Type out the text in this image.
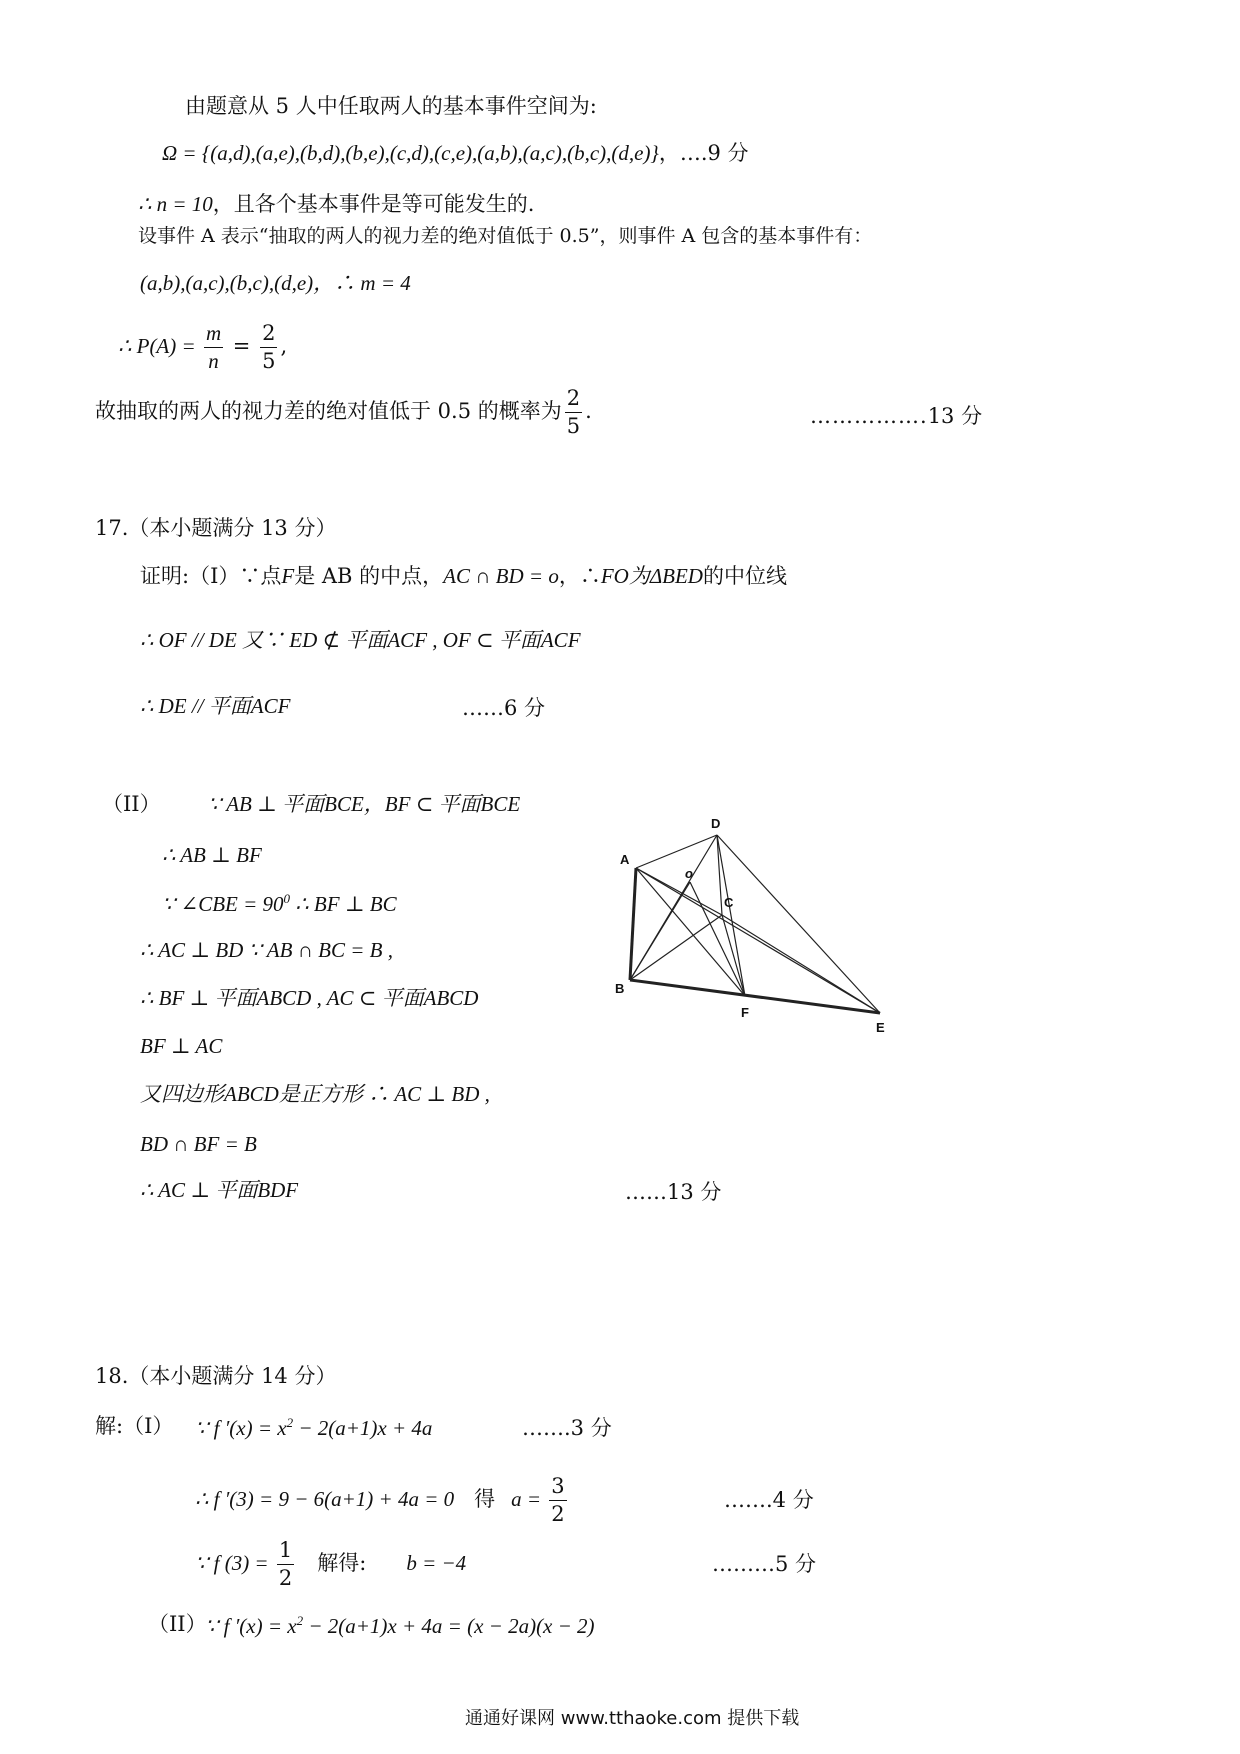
由题意从 5 人中任取两人的基本事件空间为:
Ω = {(a,d),(a,e),(b,d),(b,e),(c,d),(c,e),(a,b),(a,c),(b,c),(d,e)}，….9 分
∴ n = 10，且各个基本事件是等可能发生的.
设事件 A 表示“抽取的两人的视力差的绝对值低于 0.5”，则事件 A 包含的基本事件有：
(a,b),(a,c),(b,c),(d,e)，∴ m = 4
∴ $P(A) = \frac{m}{n} = \frac{2}{5}$ ,
故抽取的两人的视力差的绝对值低于 0.5 的概率为 $\frac{2}{5}$ .	…………….13 分
17.（本小题满分 13 分）
证明:（I）∵点F是 AB 的中点，AC ∩ BD = o，∴FO为ΔBED的中位线
∴ OF // DE 又∵ ED ⊄ 平面ACF , OF ⊂ 平面ACF
∴ DE // 平面ACF	……6 分
（II） ∵ AB ⊥ 平面BCE，BF ⊂ 平面BCE
∴ AB ⊥ BF
∵ ∠CBE = $90^0$ ∴ BF ⊥ BC
∴ AC ⊥ BD ∵ AB ∩ BC = B ,
∴ BF ⊥ 平面ABCD , AC ⊂ 平面ABCD
BF ⊥ AC
又四边形ABCD是正方形 ∴ AC ⊥ BD ,
BD ∩ BF = B
∴ AC ⊥ 平面BDF	……13 分
D
A
o
C
B
F
E
18.（本小题满分 14 分）
解:（I） ∵ f $'(x) = x^2 - 2(a+1)x + 4a$	…….3 分
∴ f ′(3) = 9 − 6(a+1) + 4a = 0 得 $a = \frac{3}{2}$	…….4 分
∵ f $(3) = \frac{1}{2}$ 解得: b = −4	………5 分
（II）
∵ f $'(x) = x^2 - 2(a+1)x + 4a = (x - 2a)(x - 2)$
通通好课网 www.tthaoke.com 提供下载
